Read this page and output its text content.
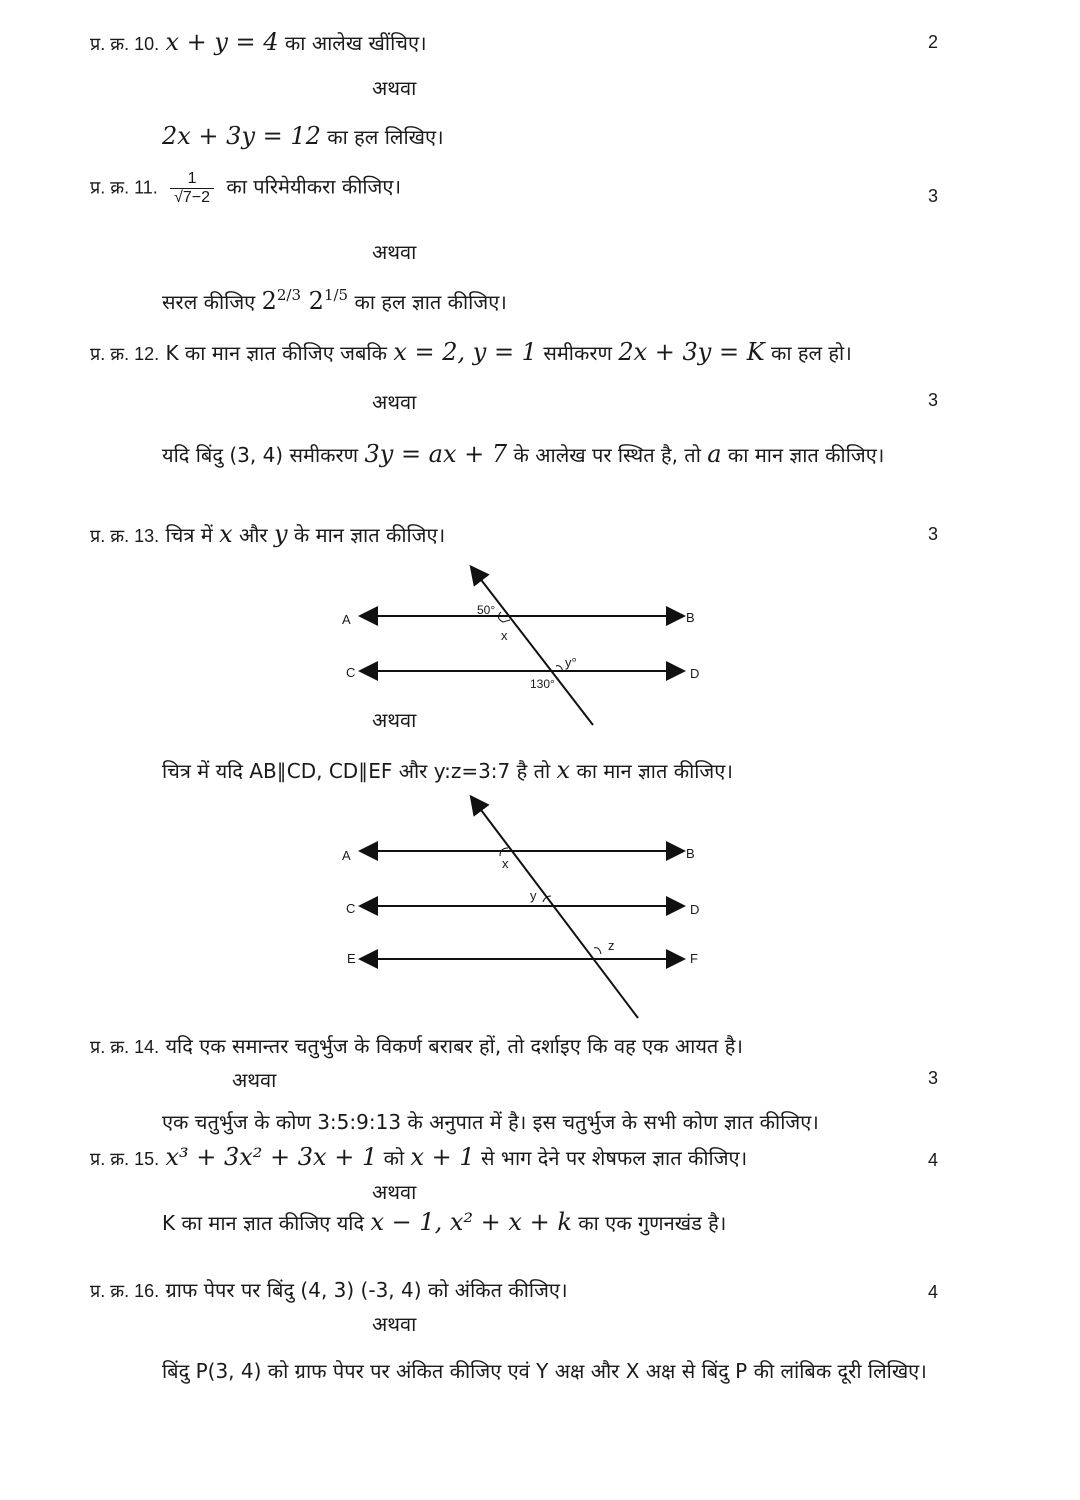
प्र. क्र. 10. x + y = 4 का आलेख खींचिए।	2
अथवा
2x + 3y = 12 का हल लिखिए।
प्र. क्र. 11. $\frac{1}{√7-2}$ का परिमेयीकरा कीजिए।	3
अथवा
सरल कीजिए $2^{2/3}$ $2^{1/5}$ का हल ज्ञात कीजिए।
प्र. क्र. 12. K का मान ज्ञात कीजिए जबकि x = 2, y = 1 समीकरण 2x + 3y = K का हल हो।
अथवा	3
यदि बिंदु (3, 4) समीकरण 3y = ax + 7 के आलेख पर स्थित है, तो a का मान ज्ञात कीजिए।
प्र. क्र. 13. चित्र में x और y के मान ज्ञात कीजिए।	3
A	B
C	D
50°
x
y°
130°
अथवा
चित्र में यदि AB∥CD, CD∥EF और y:z=3:7 है तो x का मान ज्ञात कीजिए।
A	B
C	D
E	F
x
y
z
प्र. क्र. 14. यदि एक समान्तर चतुर्भुज के विकर्ण बराबर हों, तो दर्शाइए कि वह एक आयत है।
अथवा	3
एक चतुर्भुज के कोण 3:5:9:13 के अनुपात में है। इस चतुर्भुज के सभी कोण ज्ञात कीजिए।
प्र. क्र. 15. x³ + 3x² + 3x + 1 को x + 1 से भाग देने पर शेषफल ज्ञात कीजिए।	4
अथवा
K का मान ज्ञात कीजिए यदि x − 1, x² + x + k का एक गुणनखंड है।
प्र. क्र. 16. ग्राफ पेपर पर बिंदु (4, 3) (-3, 4) को अंकित कीजिए।	4
अथवा
बिंदु P(3, 4) को ग्राफ पेपर पर अंकित कीजिए एवं Y अक्ष और X अक्ष से बिंदु P की लांबिक दूरी लिखिए।
